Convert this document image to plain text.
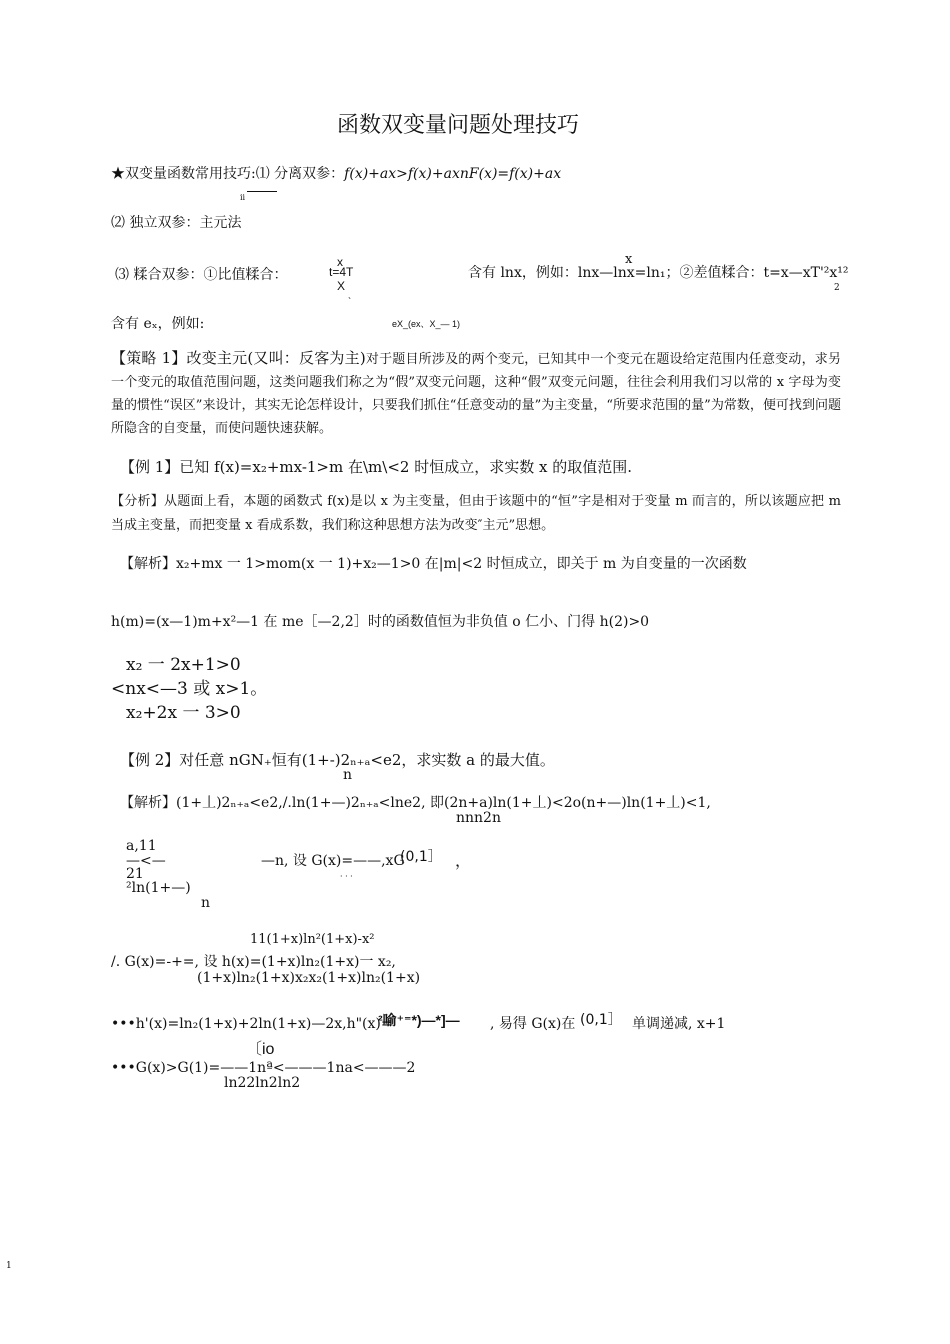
函数双变量问题处理技巧
★双变量函数常用技巧:⑴ 分离双参：f(x)+ax>f(x)+axnF(x)=f(x)+ax
ii
⑵ 独立双参：主元法
⑶ 糅合双参：①比值糅合：
x
t=4T
X
、
x
含有 lnx，例如：lnx—lnx=ln₁；②差值糅合：t=x—xT'²x¹²
2
含有 eₓ，例如:	eX_(ex、X_— 1)
【策略 1】改变主元(又叫：反客为主)对于题目所涉及的两个变元，已知其中一个变元在题设给定范围内任意变动，求另一个变元的取值范围问题，这类问题我们称之为“假”双变元问题，这种“假”双变元问题，往往会利用我们习以常的 x 字母为变量的惯性“误区”来设计，其实无论怎样设计，只要我们抓住“任意变动的量”为主变量，“所要求范围的量”为常数，便可找到问题所隐含的自变量，而使问题快速获解。
【例 1】已知 f(x)=x₂+mx-1>m 在\m\<2 时恒成立，求实数 x 的取值范围.
【分析】从题面上看，本题的函数式 f(x)是以 x 为主变量，但由于该题中的“恒”字是相对于变量 m 而言的，所以该题应把 m 当成主变量，而把变量 x 看成系数，我们称这种思想方法为改变″主元”思想。
【解析】x₂+mx 一 1>mom(x 一 1)+x₂—1>0 在|m|<2 时恒成立，即关于 m 为自变量的一次函数
h(m)=(x—1)m+x²—1 在 me［—2,2］时的函数值恒为非负值 o 仁小、门得 h(2)>0
x₂ 一 2x+1>0
<nx<—3 或 x>1。
x₂+2x 一 3>0
【例 2】对任意 nGN₊恒有(1+-)2ₙ₊ₐ<e2，求实数 a 的最大值。
n
【解析】(1+丄)2ₙ₊ₐ<e2,/.ln(1+—)2ₙ₊ₐ<lne2, 即(2n+a)ln(1+丄)<2o(n+—)ln(1+丄)<1,
nnn2n
a,11
—<—
21
²ln(1+—)
n
—n, 设 G(x)=——,xG
(0,1］ ，
· · ·
11(1+x)ln²(1+x)-x²
/. G(x)=-+=, 设 h(x)=(1+x)ln₂(1+x)一 x₂,
(1+x)ln₂(1+x)x₂x₂(1+x)ln₂(1+x)
•••h'(x)=ln₂(1+x)+2ln(1+x)—2x,h"(x)=
²喻⁺⁼*)—*]— , 易得 G(x)在 (0,1］ 单调递减, x+1
〔io
•••G(x)>G(1)=——1nª<———1na<———2
ln22ln2ln2
1
